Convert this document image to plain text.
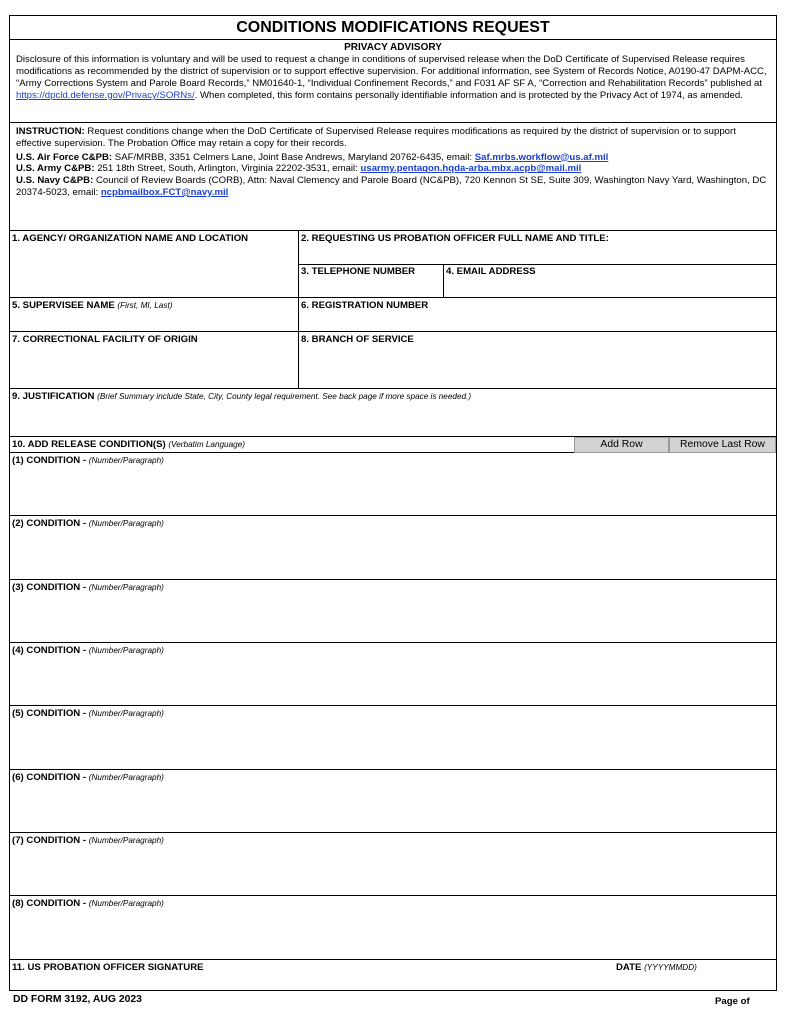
CONDITIONS MODIFICATIONS REQUEST
PRIVACY ADVISORY
Disclosure of this information is voluntary and will be used to request a change in conditions of supervised release when the DoD Certificate of Supervised Release requires modifications as recommended by the district of supervision or to support effective supervision. For additional information, see System of Records Notice, A0190-47 DAPM-ACC, “Army Corrections System and Parole Board Records,” NM01640-1, “Individual Confinement Records,” and F031 AF SF A, “Correction and Rehabilitation Records” published at https://dpcld.defense.gov/Privacy/SORNs/. When completed, this form contains personally identifiable information and is protected by the Privacy Act of 1974, as amended.

INSTRUCTION: Request conditions change when the DoD Certificate of Supervised Release requires modifications as required by the district of supervision or to support effective supervision. The Probation Office may retain a copy for their records.

U.S. Air Force C&PB: SAF/MRBB, 3351 Celmers Lane, Joint Base Andrews, Maryland 20762-6435, email: Saf.mrbs.workflow@us.af.mil

U.S. Army C&PB: 251 18th Street, South, Arlington, Virginia 22202-3531, email: usarmy.pentagon.hqda-arba.mbx.acpb@mail.mil

U.S. Navy C&PB: Council of Review Boards (CORB), Attn: Naval Clemency and Parole Board (NC&PB), 720 Kennon St SE, Suite 309, Washington Navy Yard, Washington, DC 20374-5023, email: ncpbmailbox.FCT@navy.mil

1. AGENCY/ ORGANIZATION NAME AND LOCATION	2. REQUESTING US PROBATION OFFICER FULL NAME AND TITLE:
3. TELEPHONE NUMBER	4. EMAIL ADDRESS
5. SUPERVISEE NAME (First, MI, Last)	6. REGISTRATION NUMBER
7. CORRECTIONAL FACILITY OF ORIGIN	8. BRANCH OF SERVICE
9. JUSTIFICATION (Brief Summary include State, City, County legal requirement. See back page if more space is needed.)
10. ADD RELEASE CONDITION(S) (Verbatim Language)	Add Row	Remove Last Row
(1) CONDITION - (Number/Paragraph)
(2) CONDITION - (Number/Paragraph)
(3) CONDITION - (Number/Paragraph)
(4) CONDITION - (Number/Paragraph)
(5) CONDITION - (Number/Paragraph)
(6) CONDITION - (Number/Paragraph)
(7) CONDITION - (Number/Paragraph)
(8) CONDITION - (Number/Paragraph)
11. US PROBATION OFFICER SIGNATURE	DATE (YYYYMMDD)
DD FORM 3192, AUG 2023	Page of
